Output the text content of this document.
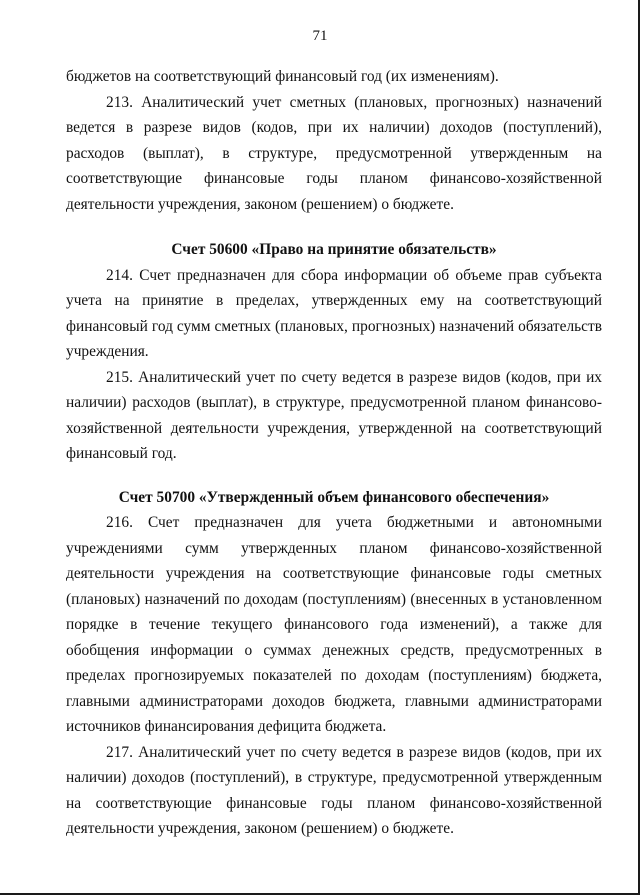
71

бюджетов на соответствующий финансовый год (их изменениям).

213. Аналитический учет сметных (плановых, прогнозных) назначений ведется в разрезе видов (кодов, при их наличии) доходов (поступлений), расходов (выплат), в структуре, предусмотренной утвержденным на соответствующие финансовые годы планом финансово-хозяйственной деятельности учреждения, законом (решением) о бюджете.

Счет 50600 «Право на принятие обязательств»

214. Счет предназначен для сбора информации об объеме прав субъекта учета на принятие в пределах, утвержденных ему на соответствующий финансовый год сумм сметных (плановых, прогнозных) назначений обязательств учреждения.

215. Аналитический учет по счету ведется в разрезе видов (кодов, при их наличии) расходов (выплат), в структуре, предусмотренной планом финансово-хозяйственной деятельности учреждения, утвержденной на соответствующий финансовый год.

Счет 50700 «Утвержденный объем финансового обеспечения»

216. Счет предназначен для учета бюджетными и автономными учреждениями сумм утвержденных планом финансово-хозяйственной деятельности учреждения на соответствующие финансовые годы сметных (плановых) назначений по доходам (поступлениям) (внесенных в установленном порядке в течение текущего финансового года изменений), а также для обобщения информации о суммах денежных средств, предусмотренных в пределах прогнозируемых показателей по доходам (поступлениям) бюджета, главными администраторами доходов бюджета, главными администраторами источников финансирования дефицита бюджета.

217. Аналитический учет по счету ведется в разрезе видов (кодов, при их наличии) доходов (поступлений), в структуре, предусмотренной утвержденным на соответствующие финансовые годы планом финансово-хозяйственной деятельности учреждения, законом (решением) о бюджете.
